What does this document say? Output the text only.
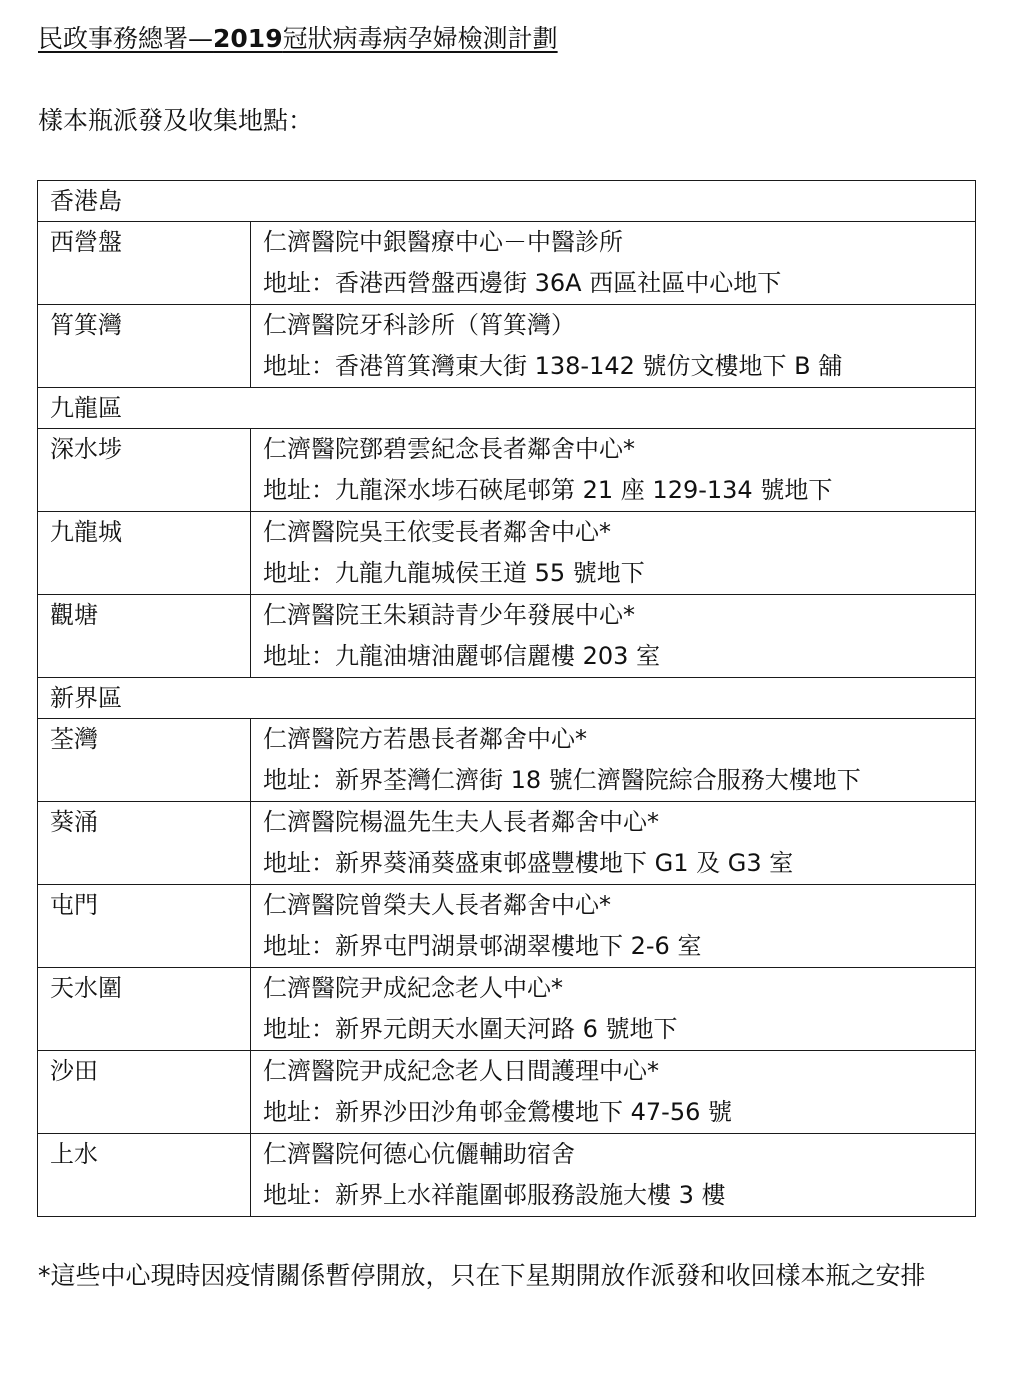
民政事務總署—2019冠狀病毒病孕婦檢測計劃
樣本瓶派發及收集地點：
香港島	
西營盤	仁濟醫院中銀醫療中心－中醫診所
地址：香港西營盤西邊街 36A 西區社區中心地下

筲箕灣	仁濟醫院牙科診所（筲箕灣）
地址：香港筲箕灣東大街 138-142 號仿文樓地下 B 舖

九龍區	
深水埗	仁濟醫院鄧碧雲紀念長者鄰舍中心*
地址：九龍深水埗石硤尾邨第 21 座 129-134 號地下

九龍城	仁濟醫院吳王依雯長者鄰舍中心*
地址：九龍九龍城侯王道 55 號地下

觀塘	仁濟醫院王朱穎詩青少年發展中心*
地址：九龍油塘油麗邨信麗樓 203 室

新界區	
荃灣	仁濟醫院方若愚長者鄰舍中心*
地址：新界荃灣仁濟街 18 號仁濟醫院綜合服務大樓地下

葵涌	仁濟醫院楊溫先生夫人長者鄰舍中心*
地址：新界葵涌葵盛東邨盛豐樓地下 G1 及 G3 室

屯門	仁濟醫院曾榮夫人長者鄰舍中心*
地址：新界屯門湖景邨湖翠樓地下 2-6 室

天水圍	仁濟醫院尹成紀念老人中心*
地址：新界元朗天水圍天河路 6 號地下

沙田	仁濟醫院尹成紀念老人日間護理中心*
地址：新界沙田沙角邨金鶯樓地下 47-56 號

上水	仁濟醫院何德心伉儷輔助宿舍
地址：新界上水祥龍圍邨服務設施大樓 3 樓
*這些中心現時因疫情關係暫停開放，只在下星期開放作派發和收回樣本瓶之安排
